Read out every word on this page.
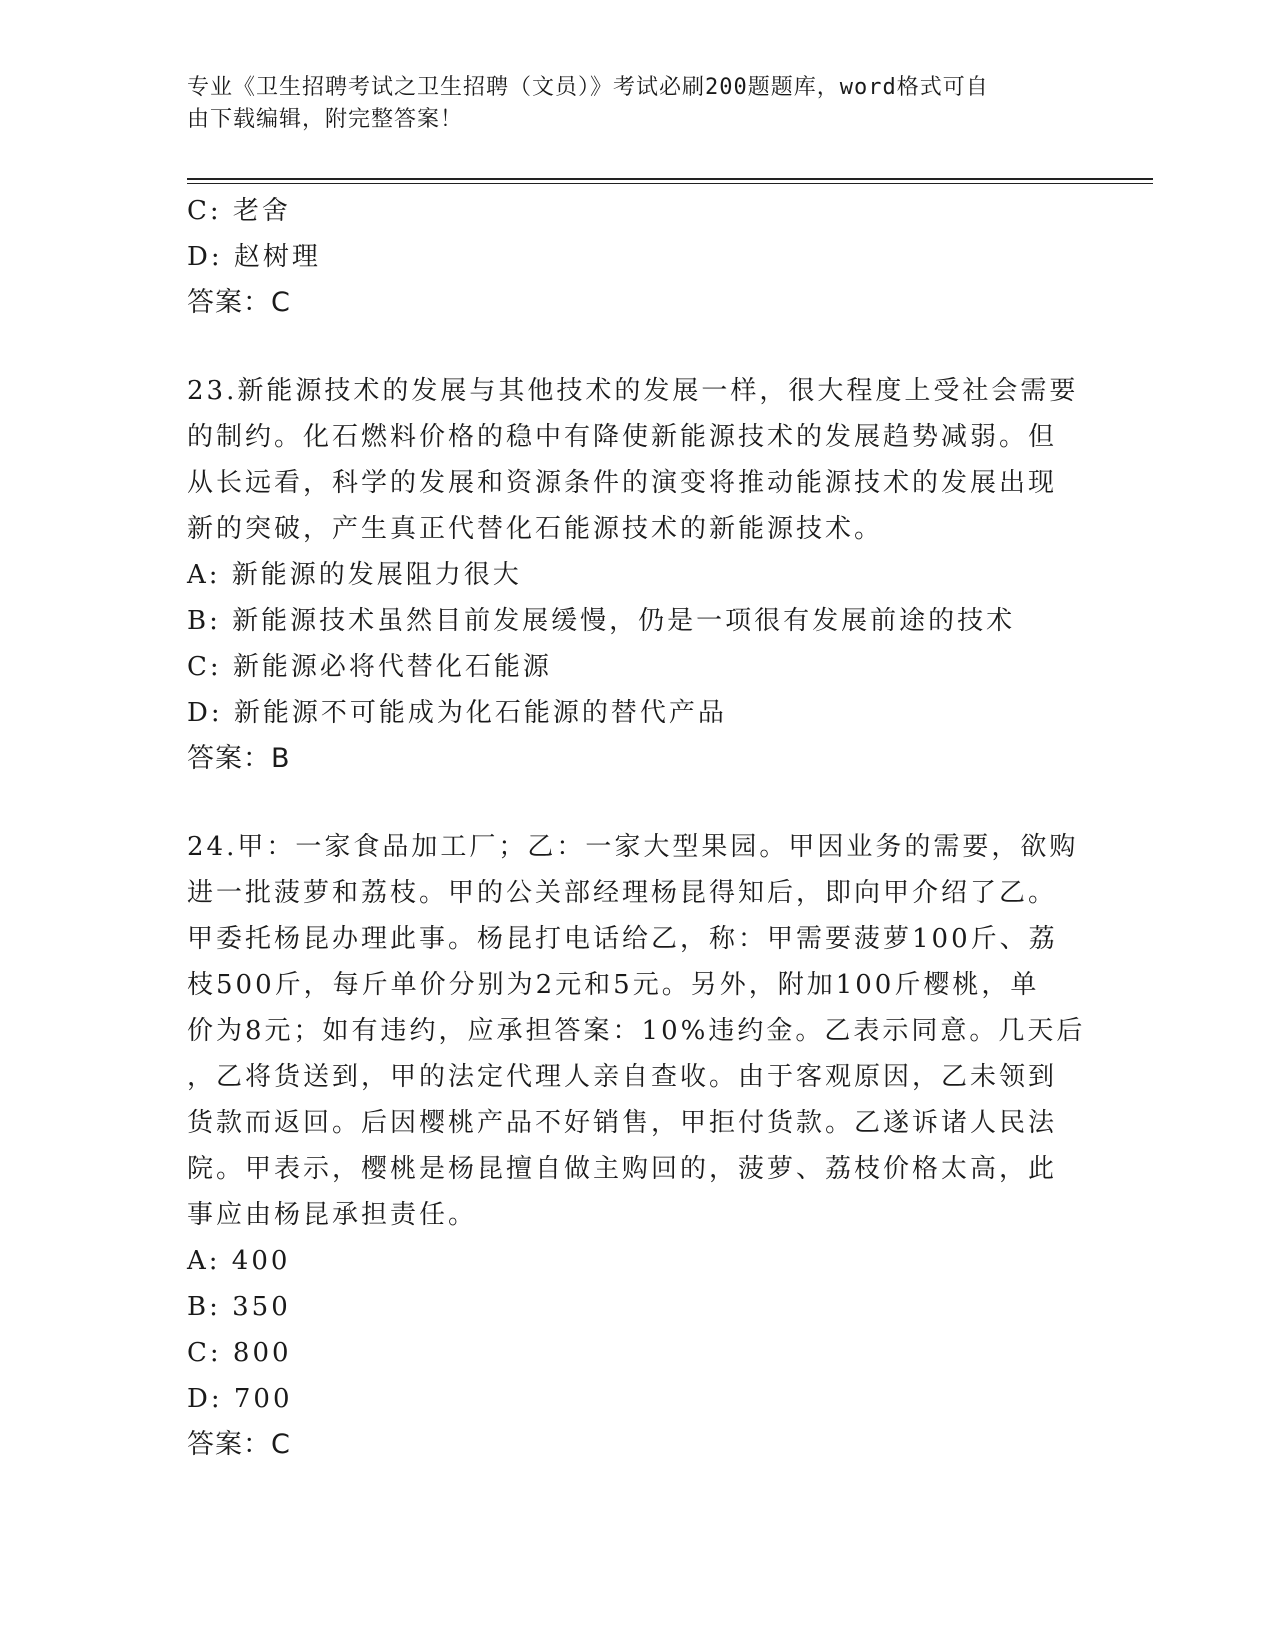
专业《卫生招聘考试之卫生招聘（文员）》考试必刷200题题库，word格式可自
由下载编辑，附完整答案！
C: 老舍
D: 赵树理
答案：C
23.新能源技术的发展与其他技术的发展一样，很大程度上受社会需要
的制约。化石燃料价格的稳中有降使新能源技术的发展趋势减弱。但
从长远看，科学的发展和资源条件的演变将推动能源技术的发展出现
新的突破，产生真正代替化石能源技术的新能源技术。
A: 新能源的发展阻力很大
B: 新能源技术虽然目前发展缓慢，仍是一项很有发展前途的技术
C: 新能源必将代替化石能源
D: 新能源不可能成为化石能源的替代产品
答案：B
24.甲：一家食品加工厂；乙：一家大型果园。甲因业务的需要，欲购
进一批菠萝和荔枝。甲的公关部经理杨昆得知后，即向甲介绍了乙。
甲委托杨昆办理此事。杨昆打电话给乙，称：甲需要菠萝100斤、荔
枝500斤，每斤单价分别为2元和5元。另外，附加100斤樱桃，单
价为8元；如有违约，应承担答案：10%违约金。乙表示同意。几天后
，乙将货送到，甲的法定代理人亲自查收。由于客观原因，乙未领到
货款而返回。后因樱桃产品不好销售，甲拒付货款。乙遂诉诸人民法
院。甲表示，樱桃是杨昆擅自做主购回的，菠萝、荔枝价格太高，此
事应由杨昆承担责任。
A: 400
B: 350
C: 800
D: 700
答案：C
